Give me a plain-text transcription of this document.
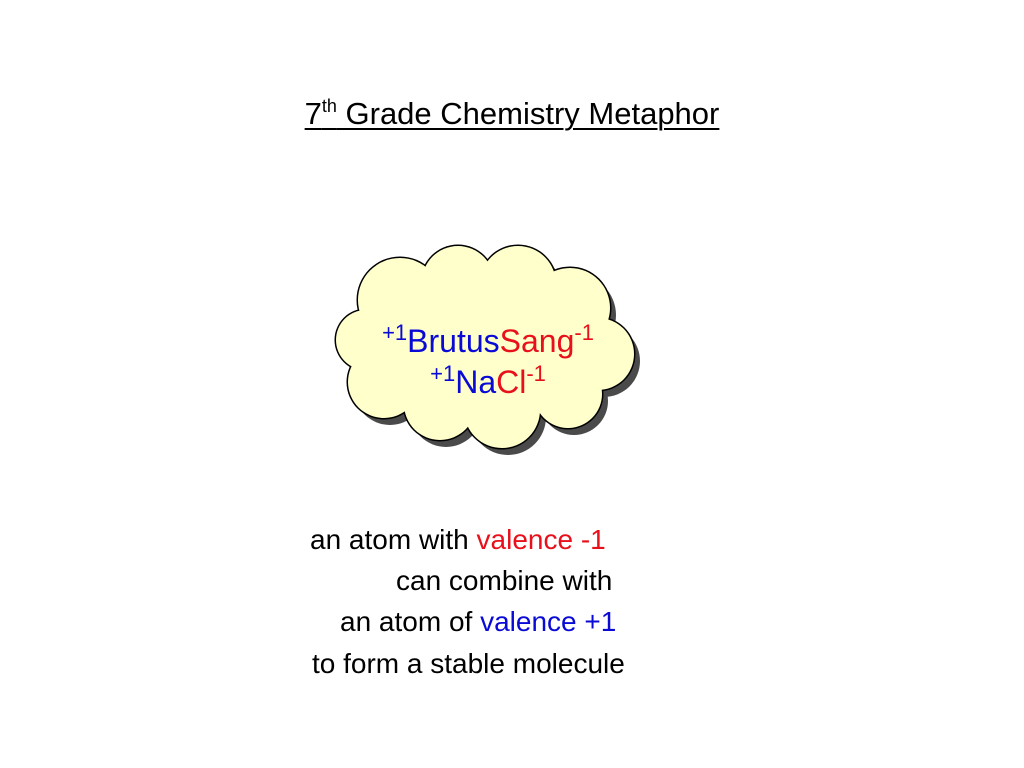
7th Grade Chemistry Metaphor
$^{+1}$BrutusSang$^{-1}$
$^{+1}$NaCl$^{-1}$
an atom with valence -1
can combine with
an atom of valence +1
to form a stable molecule
